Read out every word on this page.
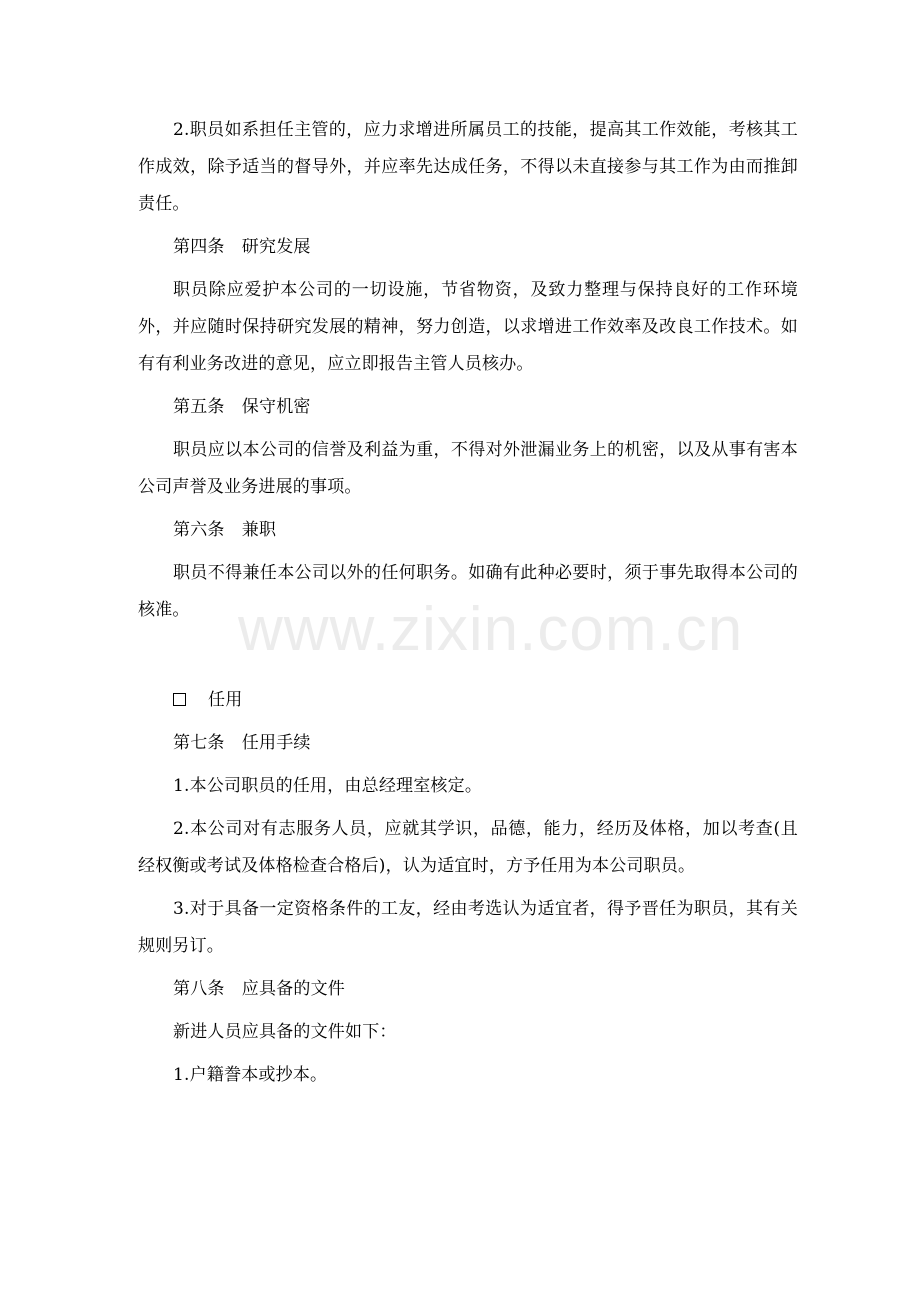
www.zixin.com.cn

2.职员如系担任主管的，应力求增进所属员工的技能，提高其工作效能，考核其工作成效，除予适当的督导外，并应率先达成任务，不得以未直接参与其工作为由而推卸责任。

第四条　研究发展

职员除应爱护本公司的一切设施，节省物资，及致力整理与保持良好的工作环境外，并应随时保持研究发展的精神，努力创造，以求增进工作效率及改良工作技术。如有有利业务改进的意见，应立即报告主管人员核办。

第五条　保守机密

职员应以本公司的信誉及利益为重，不得对外泄漏业务上的机密，以及从事有害本公司声誉及业务进展的事项。

第六条　兼职

职员不得兼任本公司以外的任何职务。如确有此种必要时，须于事先取得本公司的核准。

任用

第七条　任用手续

1.本公司职员的任用，由总经理室核定。

2.本公司对有志服务人员，应就其学识，品德，能力，经历及体格，加以考查(且经权衡或考试及体格检查合格后)，认为适宜时，方予任用为本公司职员。

3.对于具备一定资格条件的工友，经由考选认为适宜者，得予晋任为职员，其有关规则另订。

第八条　应具备的文件

新进人员应具备的文件如下：

1.户籍誊本或抄本。
